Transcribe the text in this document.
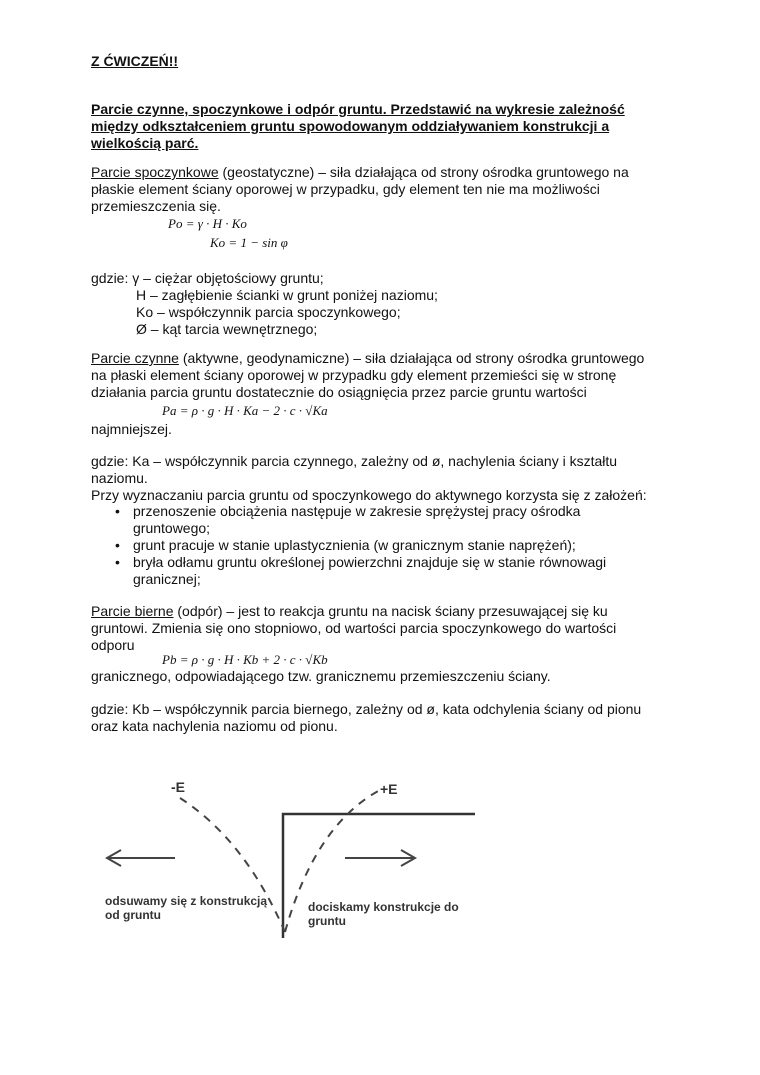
Z ĆWICZEŃ!!
Parcie czynne, spoczynkowe i odpór gruntu. Przedstawić na wykresie zależność między odkształceniem gruntu spowodowanym oddziaływaniem konstrukcji a wielkością parć.
Parcie spoczynkowe (geostatyczne) – siła działająca od strony ośrodka gruntowego na płaskie element ściany oporowej w przypadku, gdy element ten nie ma możliwości przemieszczenia się.
Po = γ · H · Ko
Ko = 1 − sin φ
gdzie: γ – ciężar objętościowy gruntu;
H – zagłębienie ścianki w grunt poniżej naziomu;
Ko – współczynnik parcia spoczynkowego;
Ø – kąt tarcia wewnętrznego;
Parcie czynne (aktywne, geodynamiczne) – siła działająca od strony ośrodka gruntowego na płaski element ściany oporowej w przypadku gdy element przemieści się w stronę działania parcia gruntu dostatecznie do osiągnięcia przez parcie gruntu wartości
Pa = ρ · g · H · Ka − 2 · c · √Ka
najmniejszej.
gdzie: Ka – współczynnik parcia czynnego, zależny od ø, nachylenia ściany i kształtu naziomu.
Przy wyznaczaniu parcia gruntu od spoczynkowego do aktywnego korzysta się z założeń:
• przenoszenie obciążenia następuje w zakresie sprężystej pracy ośrodka gruntowego;
• grunt pracuje w stanie uplastycznienia (w granicznym stanie naprężeń);
• bryła odłamu gruntu określonej powierzchni znajduje się w stanie równowagi granicznej;
Parcie bierne (odpór) – jest to reakcja gruntu na nacisk ściany przesuwającej się ku gruntowi. Zmienia się ono stopniowo, od wartości parcia spoczynkowego do wartości odporu
Pb = ρ · g · H · Kb + 2 · c · √Kb
granicznego, odpowiadającego tzw. granicznemu przemieszczeniu ściany.
gdzie: Kb – współczynnik parcia biernego, zależny od ø, kata odchylenia ściany od pionu oraz kata nachylenia naziomu od pionu.
-E	+E
odsuwamy się z konstrukcją od gruntu
dociskamy konstrukcje do gruntu
